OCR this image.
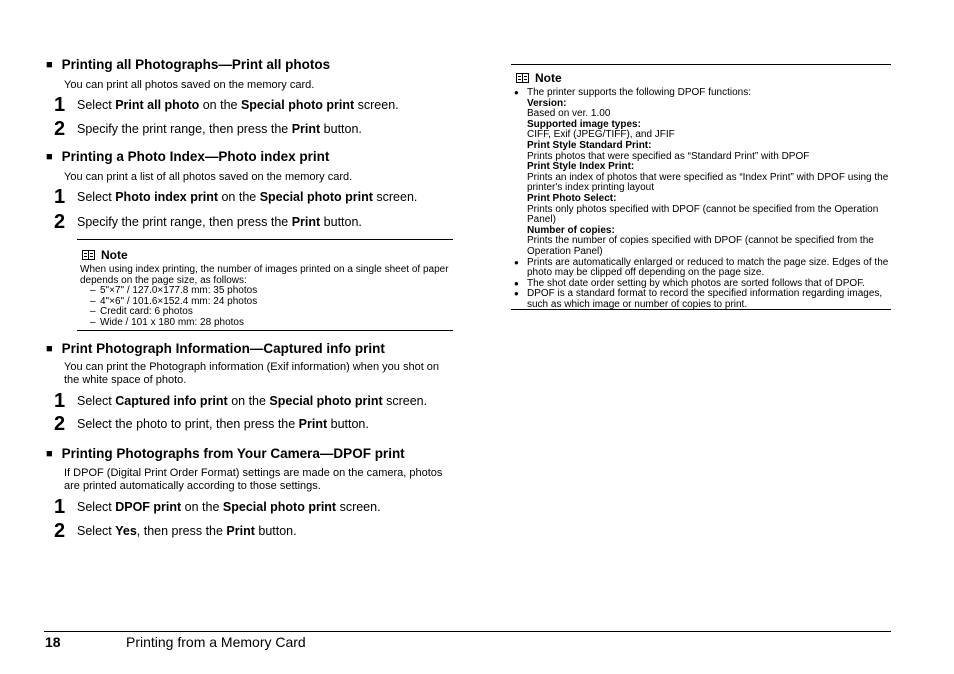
■ Printing all Photographs—Print all photos
You can print all photos saved on the memory card.
1 Select Print all photo on the Special photo print screen.
2 Specify the print range, then press the Print button.
■ Printing a Photo Index—Photo index print
You can print a list of all photos saved on the memory card.
1 Select Photo index print on the Special photo print screen.
2 Specify the print range, then press the Print button.
Note
When using index printing, the number of images printed on a single sheet of paper depends on the page size, as follows:
– 5"×7" / 127.0×177.8 mm: 35 photos
– 4"×6" / 101.6×152.4 mm: 24 photos
– Credit card: 6 photos
– Wide / 101 x 180 mm: 28 photos
■ Print Photograph Information—Captured info print
You can print the Photograph information (Exif information) when you shot on the white space of photo.
1 Select Captured info print on the Special photo print screen.
2 Select the photo to print, then press the Print button.
■ Printing Photographs from Your Camera—DPOF print
If DPOF (Digital Print Order Format) settings are made on the camera, photos are printed automatically according to those settings.
1 Select DPOF print on the Special photo print screen.
2 Select Yes, then press the Print button.
Note
● The printer supports the following DPOF functions:
Version:
Based on ver. 1.00
Supported image types:
CIFF, Exif (JPEG/TIFF), and JFIF
Print Style Standard Print:
Prints photos that were specified as “Standard Print” with DPOF
Print Style Index Print:
Prints an index of photos that were specified as “Index Print” with DPOF using the printer's index printing layout
Print Photo Select:
Prints only photos specified with DPOF (cannot be specified from the Operation Panel)
Number of copies:
Prints the number of copies specified with DPOF (cannot be specified from the Operation Panel)
● Prints are automatically enlarged or reduced to match the page size. Edges of the photo may be clipped off depending on the page size.
● The shot date order setting by which photos are sorted follows that of DPOF.
● DPOF is a standard format to record the specified information regarding images, such as which image or number of copies to print.
18	Printing from a Memory Card
